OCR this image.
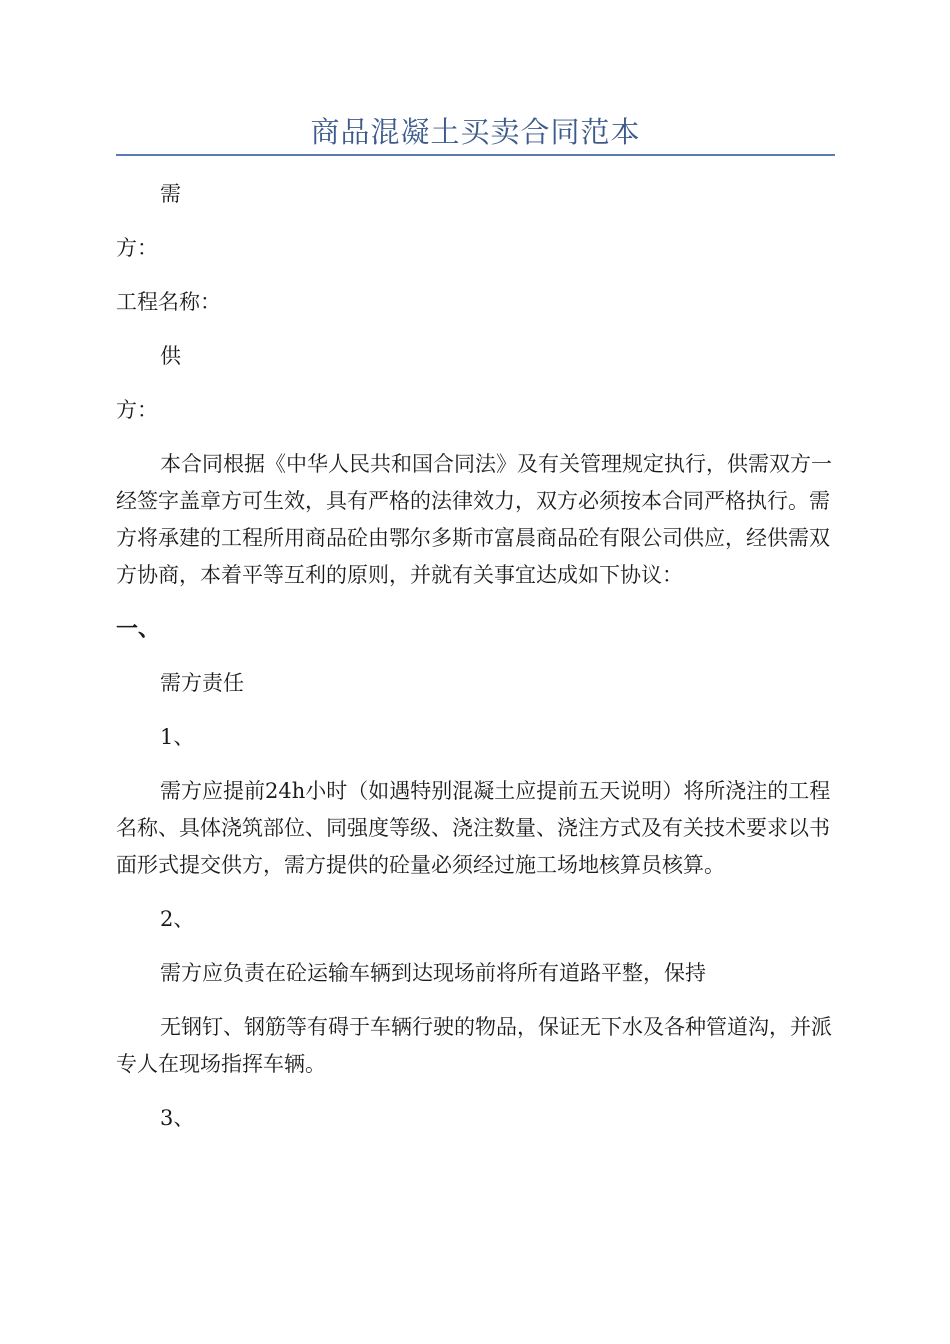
商品混凝土买卖合同范本

需

方：

工程名称：

供

方：

本合同根据《中华人民共和国合同法》及有关管理规定执行，供需双方一经签字盖章方可生效，具有严格的法律效力，双方必须按本合同严格执行。需方将承建的工程所用商品砼由鄂尔多斯市富晨商品砼有限公司供应，经供需双方协商，本着平等互利的原则，并就有关事宜达成如下协议：

一、

需方责任

1、

需方应提前24h小时（如遇特别混凝土应提前五天说明）将所浇注的工程名称、具体浇筑部位、同强度等级、浇注数量、浇注方式及有关技术要求以书面形式提交供方，需方提供的砼量必须经过施工场地核算员核算。

2、

需方应负责在砼运输车辆到达现场前将所有道路平整，保持

无钢钉、钢筋等有碍于车辆行驶的物品，保证无下水及各种管道沟，并派专人在现场指挥车辆。

3、
